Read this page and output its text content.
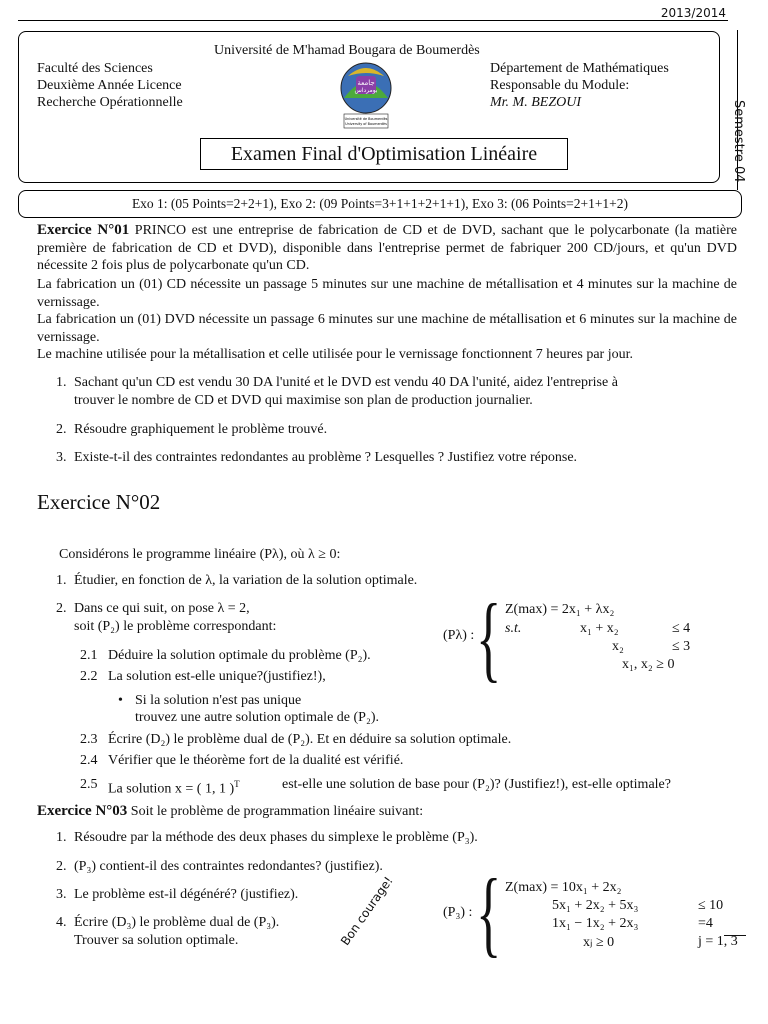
2013/2014
Semestre 04
Université de M'hamad Bougara de Boumerdès
Faculté des Sciences
Deuxième Année Licence
Recherche Opérationnelle
Département de Mathématiques
Responsable du Module:
Mr. M. BEZOUI
جامعة
بومرداس
Université de Boumerdès
University of Boumerdès
Examen Final d'Optimisation Linéaire
Exo 1: (05 Points=2+2+1), Exo 2: (09 Points=3+1+1+2+1+1), Exo 3: (06 Points=2+1+1+2)
Exercice N°01 PRINCO est une entreprise de fabrication de CD et de DVD, sachant que le polycarbonate (la matière première de fabrication de CD et DVD), disponible dans l'entreprise permet de fabriquer 200 CD/jours, et qu'un DVD nécessite 2 fois plus de polycarbonate qu'un CD.
La fabrication un (01) CD nécessite un passage 5 minutes sur une machine de métallisation et 4 minutes sur la machine de vernissage.
La fabrication un (01) DVD nécessite un passage 6 minutes sur une machine de métallisation et 6 minutes sur la machine de vernissage.
Le machine utilisée pour la métallisation et celle utilisée pour le vernissage fonctionnent 7 heures par jour.
1. Sachant qu'un CD est vendu 30 DA l'unité et le DVD est vendu 40 DA l'unité, aidez l'entreprise à
trouver le nombre de CD et DVD qui maximise son plan de production journalier.
2. Résoudre graphiquement le problème trouvé.
3. Existe-t-il des contraintes redondantes au problème ? Lesquelles ? Justifiez votre réponse.
Exercice N°02
Considérons le programme linéaire (Pλ), où λ ≥ 0:
1. Étudier, en fonction de λ, la variation de la solution optimale.
2. Dans ce qui suit, on pose λ = 2,
soit (P₂) le problème correspondant:
2.1 Déduire la solution optimale du problème (P₂).
2.2 La solution est-elle unique?(justifiez!),
• Si la solution n'est pas unique
trouvez une autre solution optimale de (P₂).
2.3 Écrire (D₂) le problème dual de (P₂). Et en déduire sa solution optimale.
2.4 Vérifier que le théorème fort de la dualité est vérifié.
2.5 La solution x = ( 1, 1 )$^T$	est-elle une solution de base pour (P₂)? (Justifiez!), est-elle optimale?
(Pλ) : { Z(max) = 2x₁ + λx₂
s.t.	x₁ + x₂	≤ 4
x₂	≤ 3
x₁, x₂ ≥ 0
Exercice N°03 Soit le problème de programmation linéaire suivant:
1. Résoudre par la méthode des deux phases du simplexe le problème (P₃).
2. (P₃) contient-il des contraintes redondantes? (justifiez).
3. Le problème est-il dégénéré? (justifiez).
4. Écrire (D₃) le problème dual de (P₃).
Trouver sa solution optimale.
(P₃) : { Z(max) = 10x₁ + 2x₂
5x₁ + 2x₂ + 5x₃	≤ 10
1x₁ − 1x₂ + 2x₃	=4
xⱼ ≥ 0	j = 1, 3
Bon courage!
